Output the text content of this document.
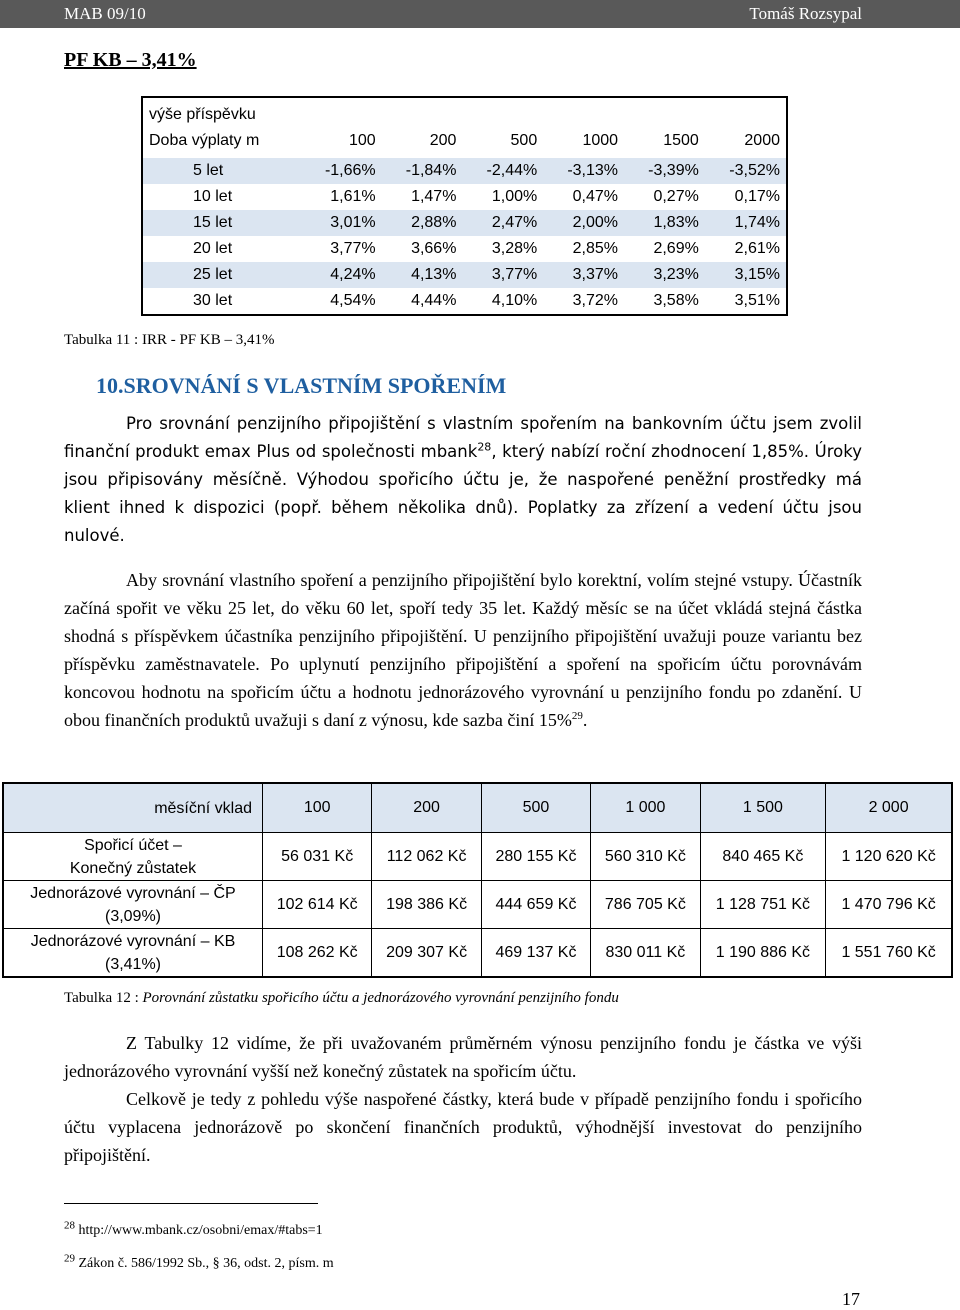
MAB 09/10	Tomáš Rozsypal
PF KB – 3,41%
výše příspěvku
Doba výplaty m	100	200	500	1000	1500	2000
5 let	-1,66%	-1,84%	-2,44%	-3,13%	-3,39%	-3,52%
10 let	1,61%	1,47%	1,00%	0,47%	0,27%	0,17%
15 let	3,01%	2,88%	2,47%	2,00%	1,83%	1,74%
20 let	3,77%	3,66%	3,28%	2,85%	2,69%	2,61%
25 let	4,24%	4,13%	3,77%	3,37%	3,23%	3,15%
30 let	4,54%	4,44%	4,10%	3,72%	3,58%	3,51%
Tabulka 11 : IRR - PF KB – 3,41%
10.SROVNÁNÍ S VLASTNÍM SPOŘENÍM

Pro srovnání penzijního připojištění s vlastním spořením na bankovním účtu jsem zvolil finanční produkt emax Plus od společnosti mbank$^{28}$, který nabízí roční zhodnocení 1,85%. Úroky jsou připisovány měsíčně. Výhodou spořicího účtu je, že naspořené peněžní prostředky má klient ihned k dispozici (popř. během několika dnů). Poplatky za zřízení a vedení účtu jsou nulové.

Aby srovnání vlastního spoření a penzijního připojištění bylo korektní, volím stejné vstupy. Účastník začíná spořit ve věku 25 let, do věku 60 let, spoří tedy 35 let. Každý měsíc se na účet vkládá stejná částka shodná s příspěvkem účastníka penzijního připojištění. U penzijního připojištění uvažuji pouze variantu bez příspěvku zaměstnavatele. Po uplynutí penzijního připojištění a spoření na spořicím účtu porovnávám koncovou hodnotu na spořicím účtu a hodnotu jednorázového vyrovnání u penzijního fondu po zdanění. U obou finančních produktů uvažuji s daní z výnosu, kde sazba činí 15%$^{29}$.

měsíční vklad	100	200	500	1 000	1 500	2 000

Spořicí účet –
Konečný zůstatek	56 031 Kč	112 062 Kč	280 155 Kč	560 310 Kč	840 465 Kč	1 120 620 Kč

Jednorázové vyrovnání – ČP
(3,09%)	102 614 Kč	198 386 Kč	444 659 Kč	786 705 Kč	1 128 751 Kč	1 470 796 Kč

Jednorázové vyrovnání – KB
(3,41%)	108 262 Kč	209 307 Kč	469 137 Kč	830 011 Kč	1 190 886 Kč	1 551 760 Kč
Tabulka 12 : Porovnání zůstatku spořicího účtu a jednorázového vyrovnání penzijního fondu

Z Tabulky 12 vidíme, že při uvažovaném průměrném výnosu penzijního fondu je částka ve výši jednorázového vyrovnání vyšší než konečný zůstatek na spořicím účtu.

Celkově je tedy z pohledu výše naspořené částky, která bude v případě penzijního fondu i spořicího účtu vyplacena jednorázově po skončení finančních produktů, výhodnější investovat do penzijního připojištění.

$^{28}$ http://www.mbank.cz/osobni/emax/#tabs=1
$^{29}$ Zákon č. 586/1992 Sb., § 36, odst. 2, písm. m
17
